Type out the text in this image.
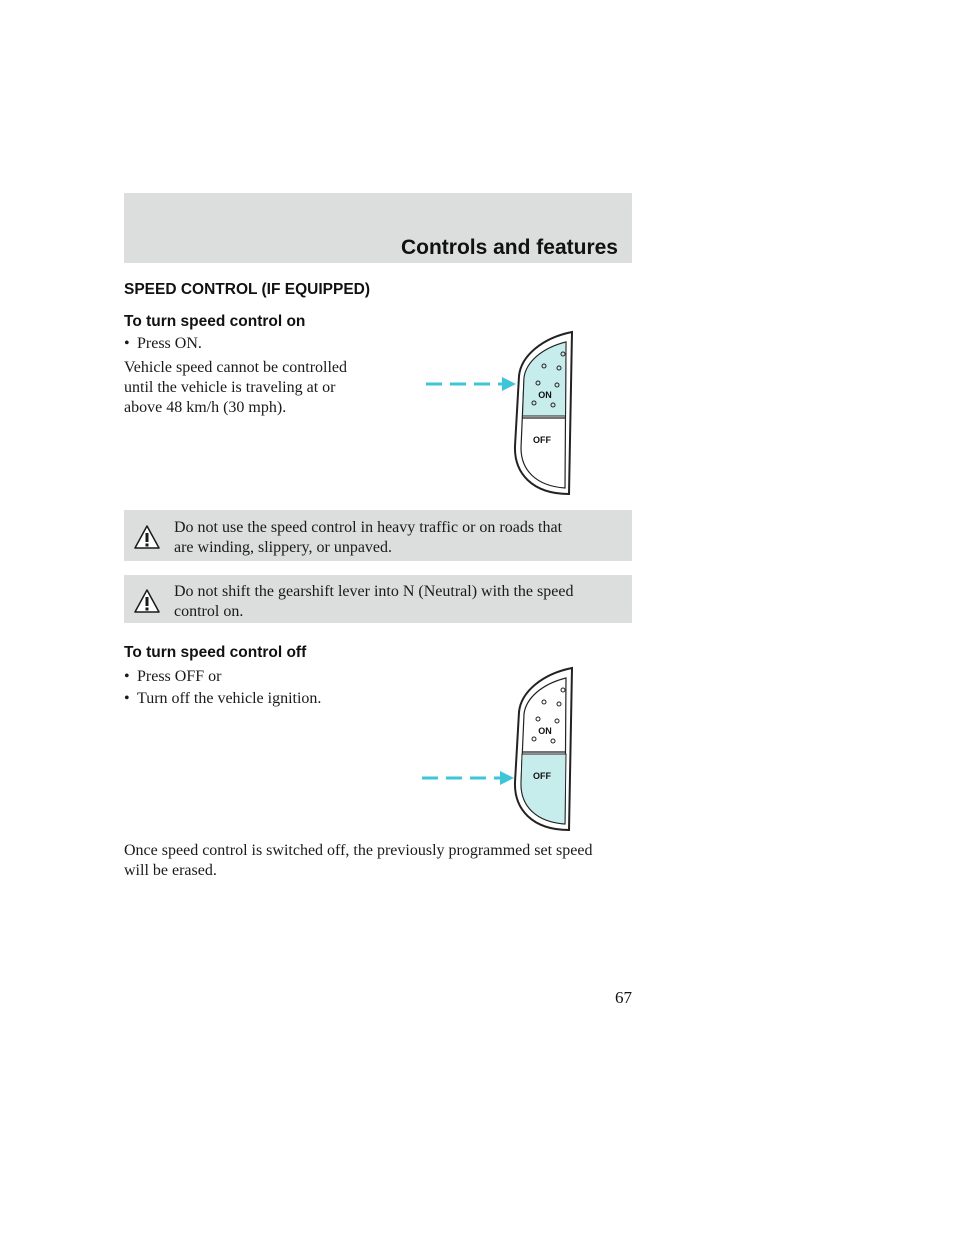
Controls and features

SPEED CONTROL (IF EQUIPPED)

To turn speed control on

• Press ON.

Vehicle speed cannot be controlled
until the vehicle is traveling at or
above 48 km/h (30 mph).

ON
OFF
Do not use the speed control in heavy traffic or on roads that
are winding, slippery, or unpaved.
Do not shift the gearshift lever into N (Neutral) with the speed
control on.

To turn speed control off

• Press OFF or

• Turn off the vehicle ignition.

ON
OFF

Once speed control is switched off, the previously programmed set speed
will be erased.

67
